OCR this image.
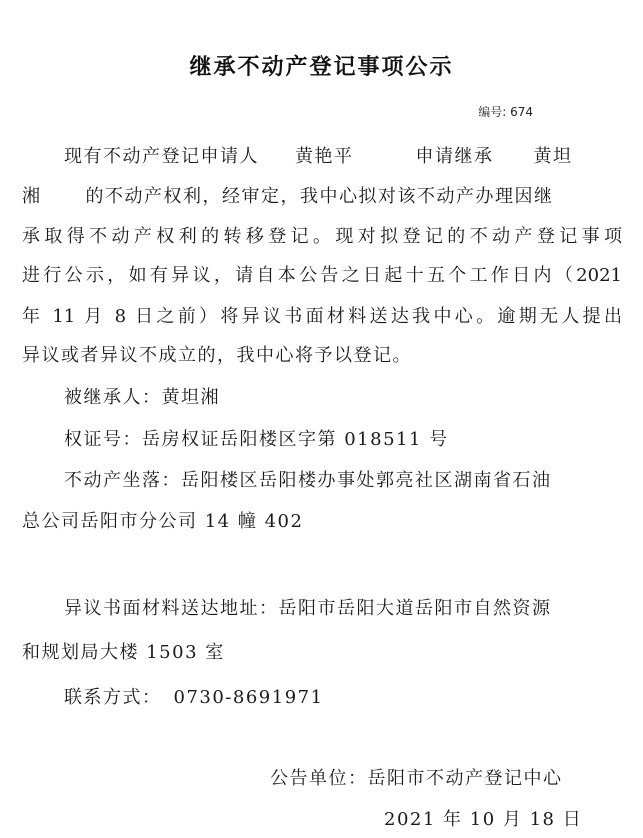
继承不动产登记事项公示
编号: 674
现有不动产登记申请人 黄艳平	申请继承 黄坦
湘 的不动产权利，经审定，我中心拟对该不动产办理因继
承取得不动产权利的转移登记。现对拟登记的不动产登记事项
进行公示，如有异议，请自本公告之日起十五个工作日内（2021
年 11 月 8 日之前）将异议书面材料送达我中心。逾期无人提出
异议或者异议不成立的，我中心将予以登记。
被继承人：黄坦湘
权证号：岳房权证岳阳楼区字第 018511 号
不动产坐落：岳阳楼区岳阳楼办事处郭亮社区湖南省石油
总公司岳阳市分公司 14 幢 402
异议书面材料送达地址：岳阳市岳阳大道岳阳市自然资源
和规划局大楼 1503 室
联系方式： 0730-8691971
公告单位：岳阳市不动产登记中心
2021 年 10 月 18 日
